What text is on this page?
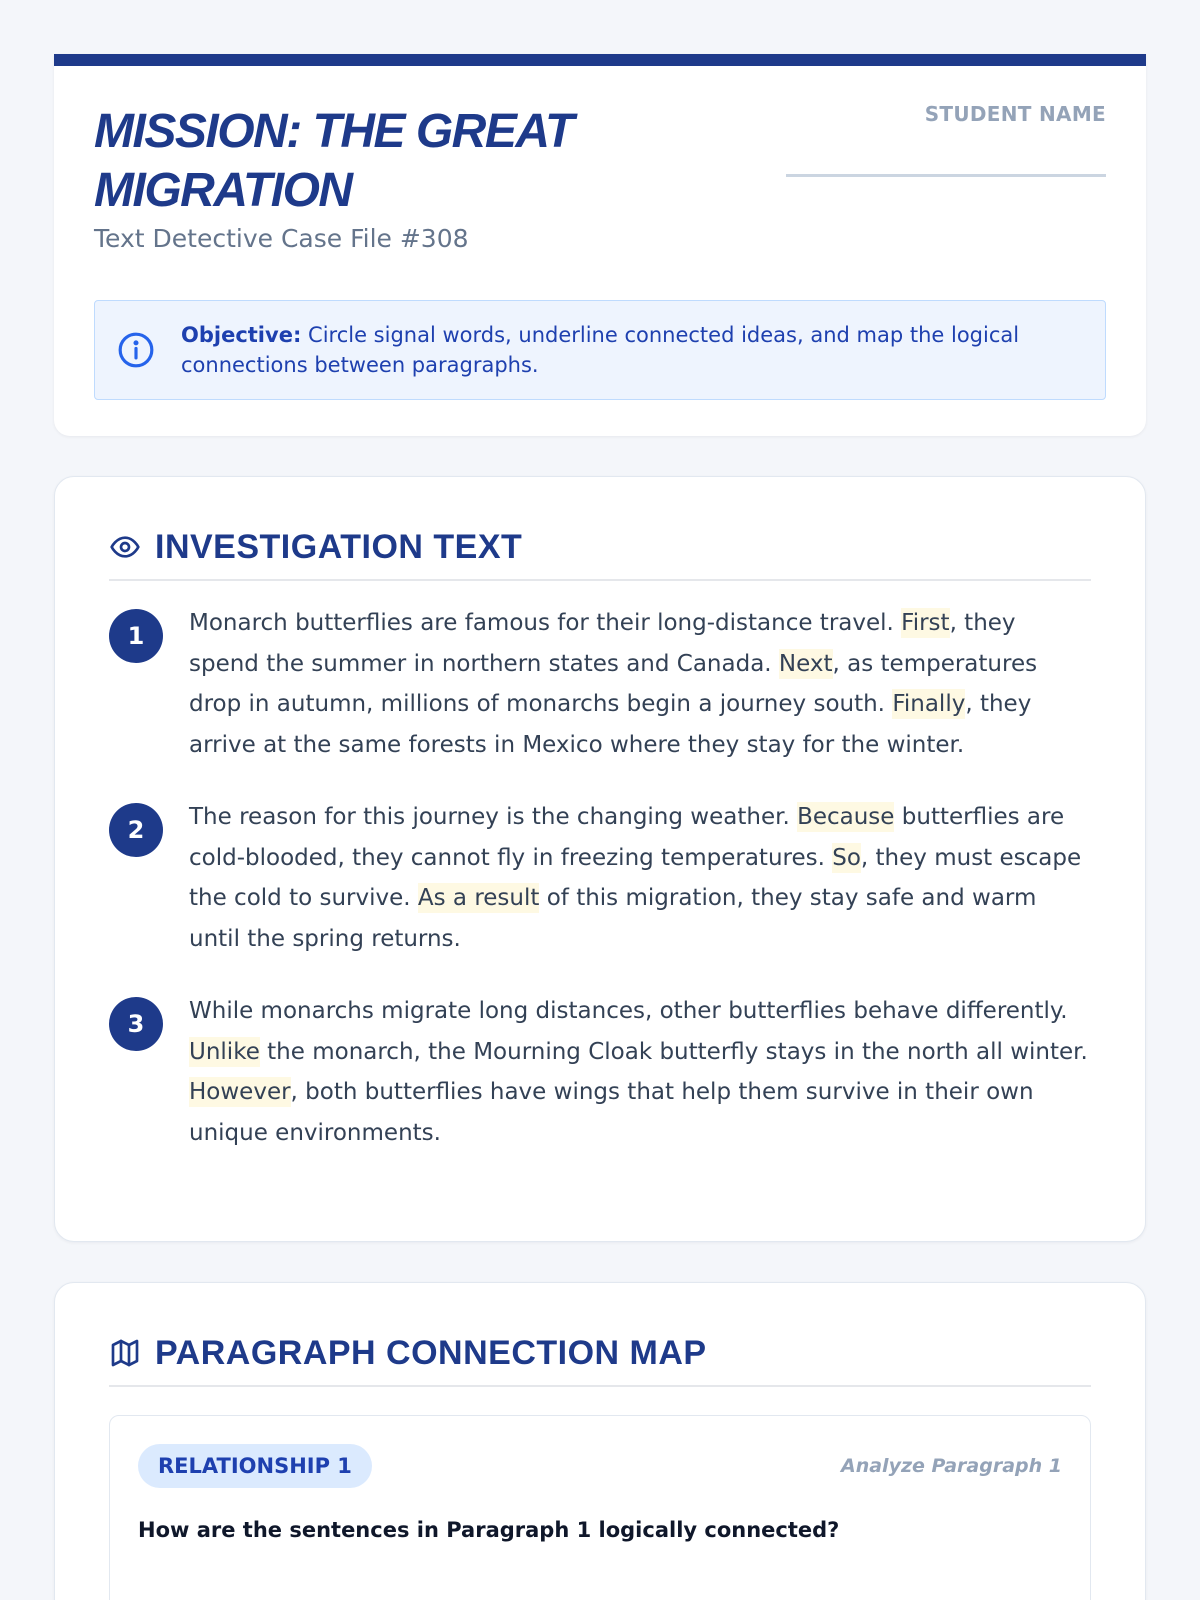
MISSION: THE GREAT MIGRATION
Text Detective Case File #308
STUDENT NAME
Objective: Circle signal words, underline connected ideas, and map the logical connections between paragraphs.
INVESTIGATION TEXT
1	Monarch butterflies are famous for their long-distance travel. First, they spend the summer in northern states and Canada. Next, as temperatures drop in autumn, millions of monarchs begin a journey south. Finally, they arrive at the same forests in Mexico where they stay for the winter.

2	The reason for this journey is the changing weather. Because butterflies are cold-blooded, they cannot fly in freezing temperatures. So, they must escape the cold to survive. As a result of this migration, they stay safe and warm until the spring returns.

3	While monarchs migrate long distances, other butterflies behave differently. Unlike the monarch, the Mourning Cloak butterfly stays in the north all winter. However, both butterflies have wings that help them survive in their own unique environments.

PARAGRAPH CONNECTION MAP
RELATIONSHIP 1	Analyze Paragraph 1
How are the sentences in Paragraph 1 logically connected?
